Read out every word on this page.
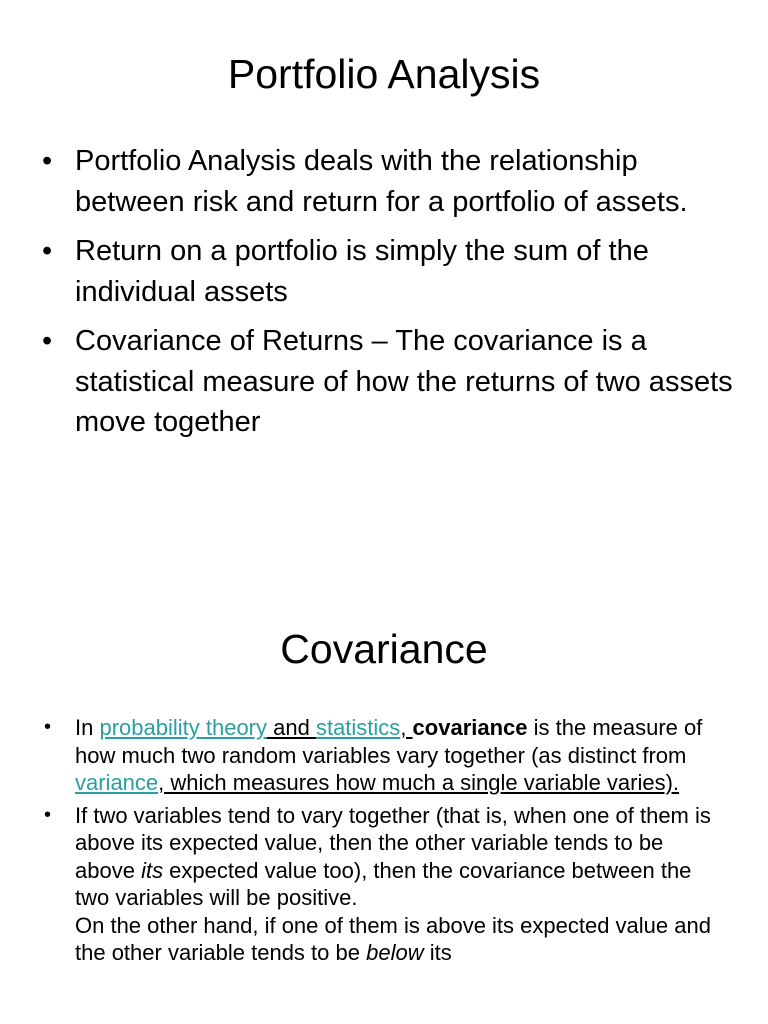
Portfolio Analysis
• Portfolio Analysis deals with the relationship between risk and return for a portfolio of assets.
• Return on a portfolio is simply the sum of the individual assets
• Covariance of Returns – The covariance is a statistical measure of how the returns of two assets move together
Covariance
• In probability theory and statistics, covariance is the measure of how much two random variables vary together (as distinct from variance, which measures how much a single variable varies).
• If two variables tend to vary together (that is, when one of them is above its expected value, then the other variable tends to be above its expected value too), then the covariance between the two variables will be positive.
On the other hand, if one of them is above its expected value and the other variable tends to be below its
